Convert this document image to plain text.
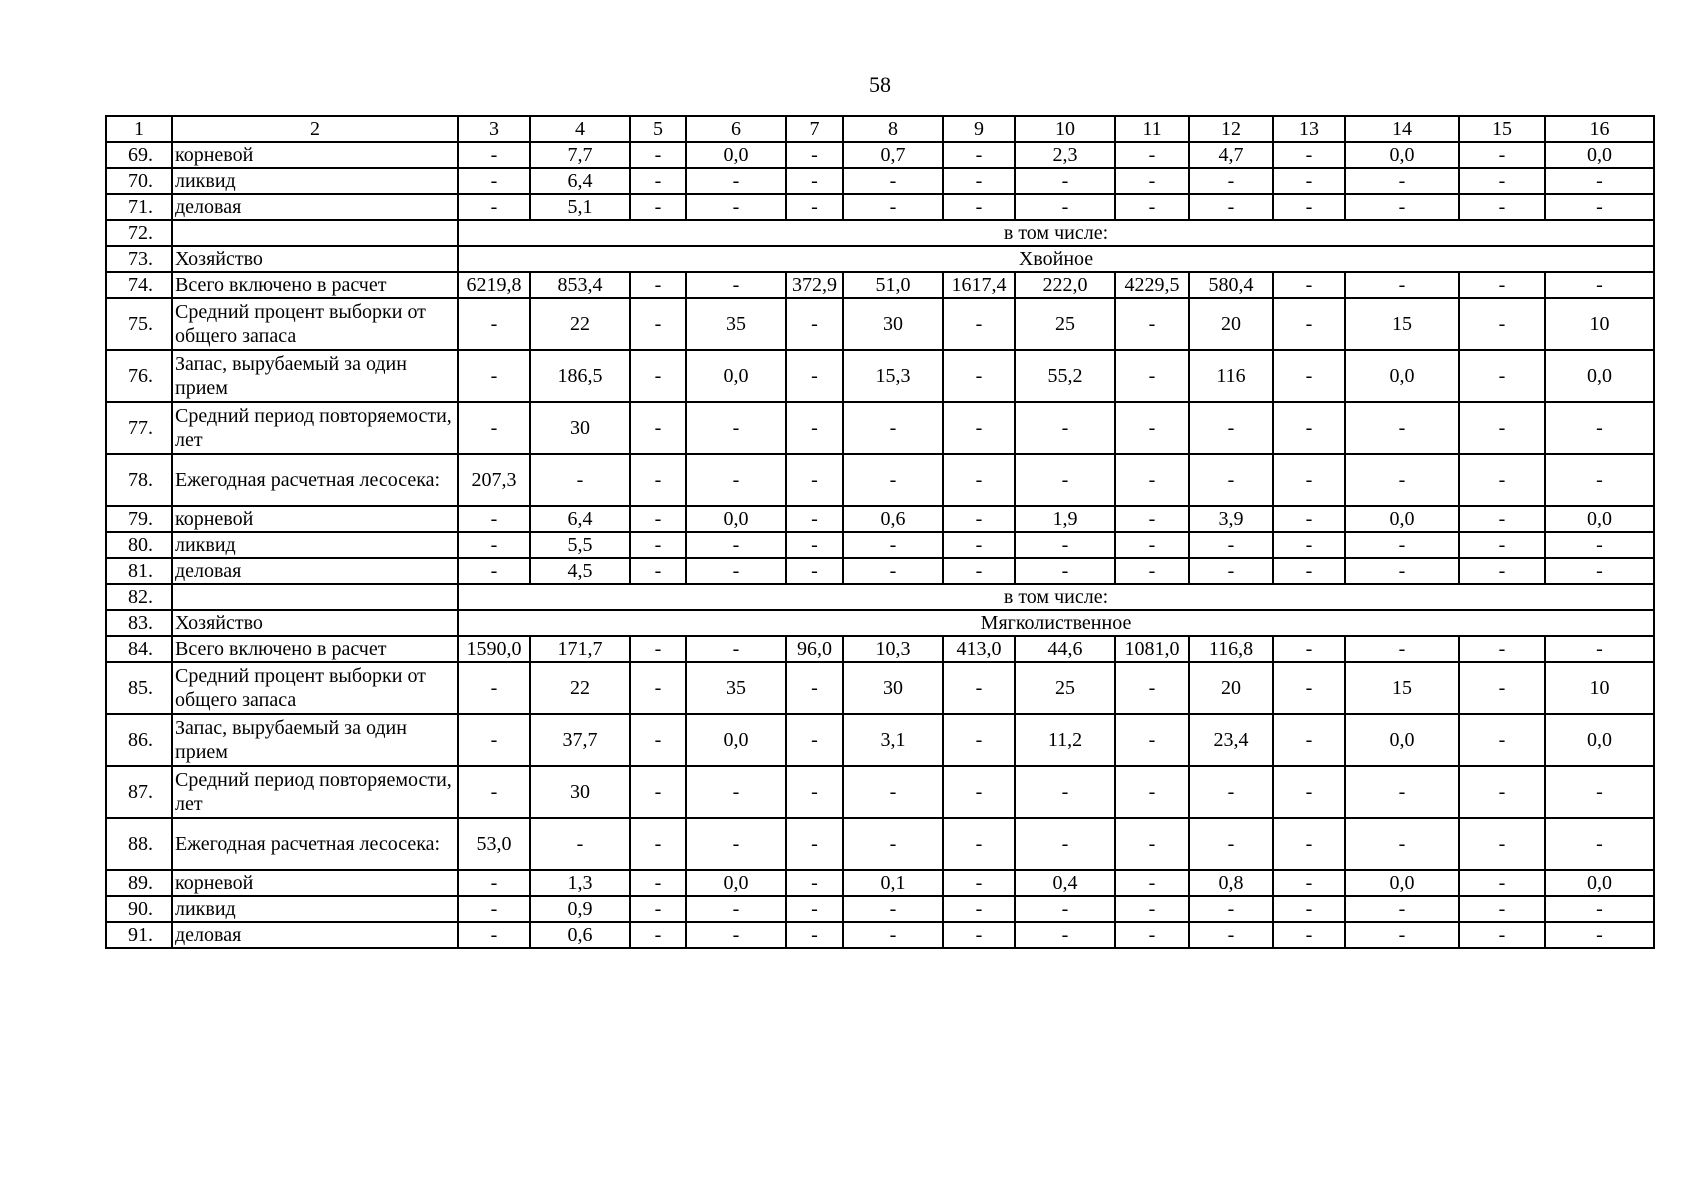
58
1	2	3	4	5	6	7	8	9	10	11	12	13	14	15	16
69.	корневой	-	7,7	-	0,0	-	0,7	-	2,3	-	4,7	-	0,0	-	0,0
70.	ликвид	-	6,4	-	-	-	-	-	-	-	-	-	-	-	-
71.	деловая	-	5,1	-	-	-	-	-	-	-	-	-	-	-	-
72.		в том числе:													
73.	Хозяйство	Хвойное													
74.	Всего включено в расчет	6219,8	853,4	-	-	372,9	51,0	1617,4	222,0	4229,5	580,4	-	-	-	-
75.	Средний процент выборки от общего запаса	-	22	-	35	-	30	-	25	-	20	-	15	-	10
76.	Запас, вырубаемый за один прием	-	186,5	-	0,0	-	15,3	-	55,2	-	116	-	0,0	-	0,0
77.	Средний период повторяемости, лет	-	30	-	-	-	-	-	-	-	-	-	-	-	-
78.	Ежегодная расчетная лесосека:	207,3	-	-	-	-	-	-	-	-	-	-	-	-	-
79.	корневой	-	6,4	-	0,0	-	0,6	-	1,9	-	3,9	-	0,0	-	0,0
80.	ликвид	-	5,5	-	-	-	-	-	-	-	-	-	-	-	-
81.	деловая	-	4,5	-	-	-	-	-	-	-	-	-	-	-	-
82.		в том числе:													
83.	Хозяйство	Мягколиственное													
84.	Всего включено в расчет	1590,0	171,7	-	-	96,0	10,3	413,0	44,6	1081,0	116,8	-	-	-	-
85.	Средний процент выборки от общего запаса	-	22	-	35	-	30	-	25	-	20	-	15	-	10
86.	Запас, вырубаемый за один прием	-	37,7	-	0,0	-	3,1	-	11,2	-	23,4	-	0,0	-	0,0
87.	Средний период повторяемости, лет	-	30	-	-	-	-	-	-	-	-	-	-	-	-
88.	Ежегодная расчетная лесосека:	53,0	-	-	-	-	-	-	-	-	-	-	-	-	-
89.	корневой	-	1,3	-	0,0	-	0,1	-	0,4	-	0,8	-	0,0	-	0,0
90.	ликвид	-	0,9	-	-	-	-	-	-	-	-	-	-	-	-
91.	деловая	-	0,6	-	-	-	-	-	-	-	-	-	-	-	-
